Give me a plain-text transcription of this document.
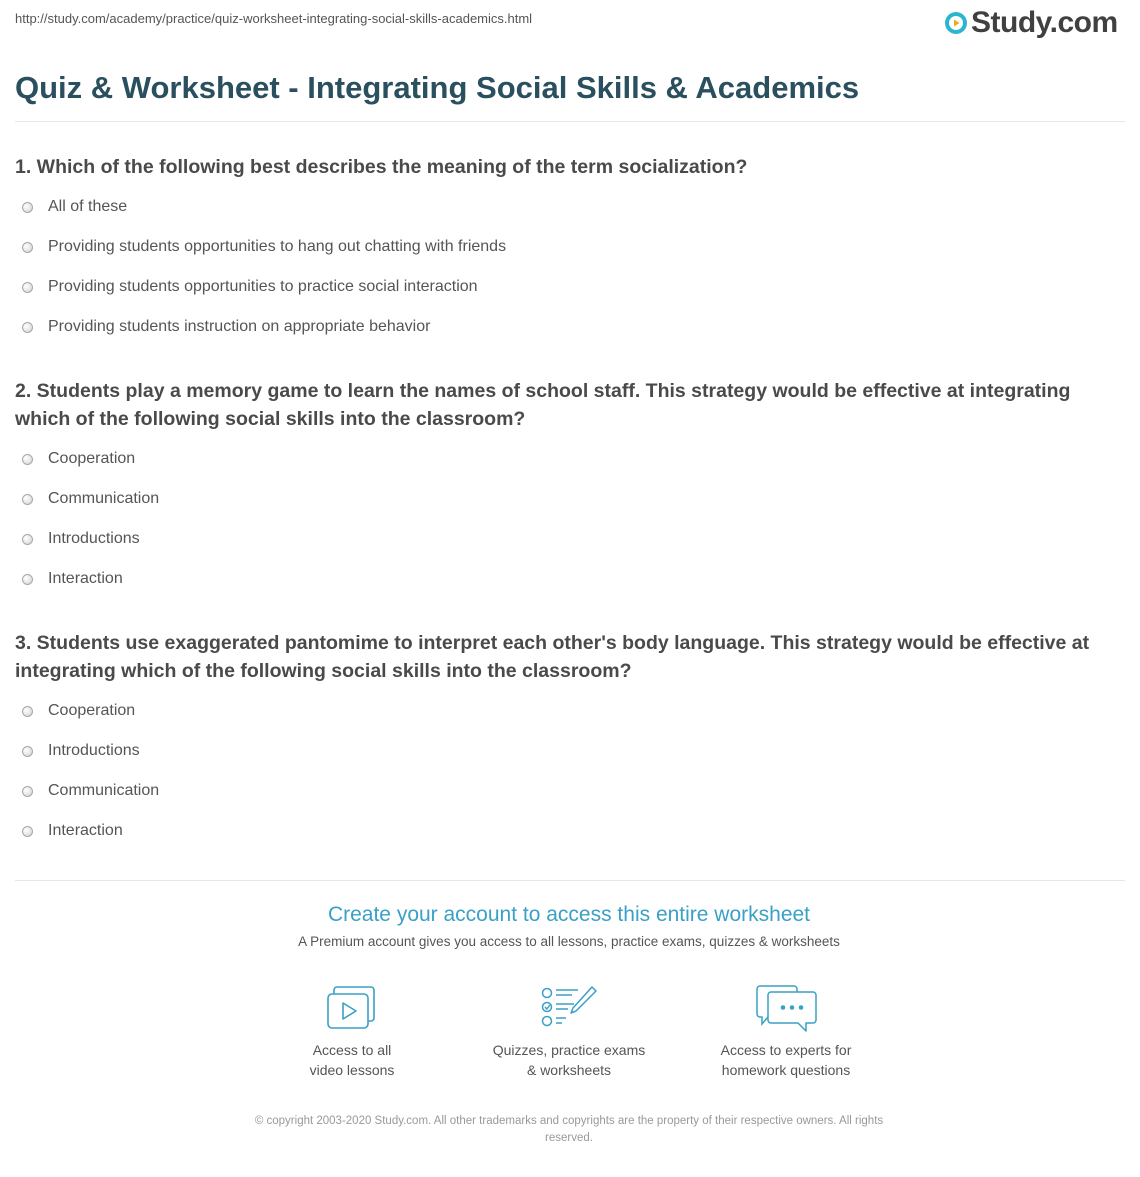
http://study.com/academy/practice/quiz-worksheet-integrating-social-skills-academics.html	Study.com
Quiz & Worksheet - Integrating Social Skills & Academics

1. Which of the following best describes the meaning of the term socialization?

All of these
Providing students opportunities to hang out chatting with friends
Providing students opportunities to practice social interaction
Providing students instruction on appropriate behavior

2. Students play a memory game to learn the names of school staff. This strategy would be effective at integrating which of the following social skills into the classroom?

Cooperation
Communication
Introductions
Interaction

3. Students use exaggerated pantomime to interpret each other's body language. This strategy would be effective at integrating which of the following social skills into the classroom?

Cooperation
Introductions
Communication
Interaction
Create your account to access this entire worksheet
A Premium account gives you access to all lessons, practice exams, quizzes & worksheets
Access to all
video lessons
Quizzes, practice exams
& worksheets
Access to experts for
homework questions
© copyright 2003-2020 Study.com. All other trademarks and copyrights are the property of their respective owners. All rights
reserved.
